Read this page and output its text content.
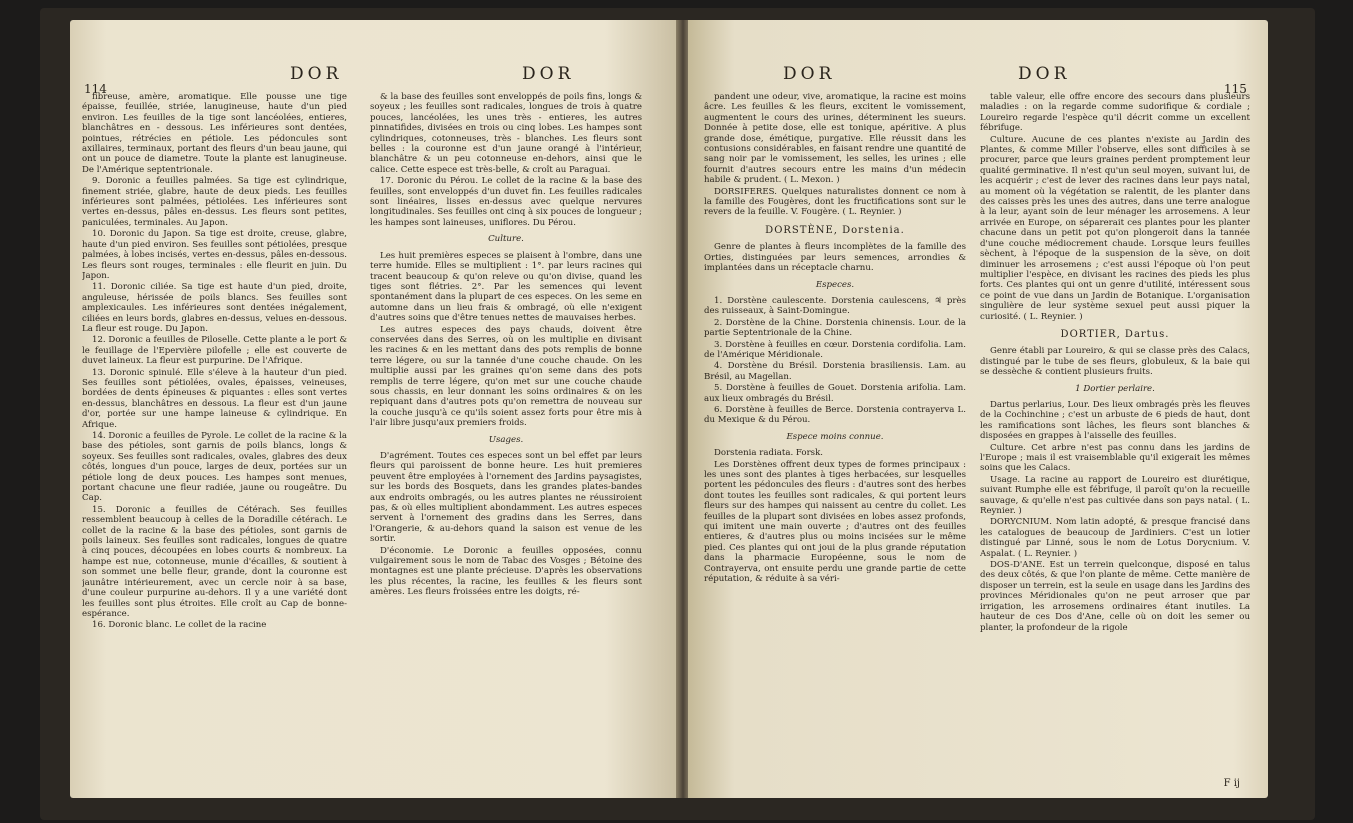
114
DOR	DOR

fibreuse, amère, aromatique. Elle pousse une tige épaisse, feuillée, striée, lanugineuse, haute d'un pied environ. Les feuilles de la tige sont lancéolées, entieres, blanchâtres en - dessous. Les inférieures sont dentées, pointues, rétrécies en pétiole. Les pédoncules sont axillaires, terminaux, portant des fleurs d'un beau jaune, qui ont un pouce de diametre. Toute la plante est lanugineuse. De l'Amérique septentrionale.

9. Doronic a feuilles palmées. Sa tige est cylindrique, finement striée, glabre, haute de deux pieds. Les feuilles inférieures sont palmées, pétiolées. Les inférieures sont vertes en-dessus, pâles en-dessus. Les fleurs sont petites, paniculées, terminales. Au Japon.

10. Doronic du Japon. Sa tige est droite, creuse, glabre, haute d'un pied environ. Ses feuilles sont pétiolées, presque palmées, à lobes incisés, vertes en-dessus, pâles en-dessous. Les fleurs sont rouges, terminales : elle fleurit en juin. Du Japon.

11. Doronic ciliée. Sa tige est haute d'un pied, droite, anguleuse, hérissée de poils blancs. Ses feuilles sont amplexicaules. Les inférieures sont dentées inégalement, ciliées en leurs bords, glabres en-dessus, velues en-dessous. La fleur est rouge. Du Japon.

12. Doronic a feuilles de Piloselle. Cette plante a le port & le feuillage de l'Epervière pilofelle ; elle est couverte de duvet laineux. La fleur est purpurine. De l'Afrique.

13. Doronic spinulé. Elle s'éleve à la hauteur d'un pied. Ses feuilles sont pétiolées, ovales, épaisses, veineuses, bordées de dents épineuses & piquantes : elles sont vertes en-dessus, blanchâtres en dessous. La fleur est d'un jaune d'or, portée sur une hampe laineuse & cylindrique. En Afrique.

14. Doronic a feuilles de Pyrole. Le collet de la racine & la base des pétioles, sont garnis de poils blancs, longs & soyeux. Ses feuilles sont radicales, ovales, glabres des deux côtés, longues d'un pouce, larges de deux, portées sur un pétiole long de deux pouces. Les hampes sont menues, portant chacune une fleur radiée, jaune ou rougeâtre. Du Cap.

15. Doronic a feuilles de Cétérach. Ses feuilles ressemblent beaucoup à celles de la Doradille cétérach. Le collet de la racine & la base des pétioles, sont garnis de poils laineux. Ses feuilles sont radicales, longues de quatre à cinq pouces, découpées en lobes courts & nombreux. La hampe est nue, cotonneuse, munie d'écailles, & soutient à son sommet une belle fleur, grande, dont la couronne est jaunâtre intérieurement, avec un cercle noir à sa base, d'une couleur purpurine au-dehors. Il y a une variété dont les feuilles sont plus étroites. Elle croît au Cap de bonne-espérance.

16. Doronic blanc. Le collet de la racine

& la base des feuilles sont enveloppés de poils fins, longs & soyeux ; les feuilles sont radicales, longues de trois à quatre pouces, lancéolées, les unes très - entieres, les autres pinnatifides, divisées en trois ou cinq lobes. Les hampes sont cylindriques, cotonneuses, très - blanches. Les fleurs sont belles : la couronne est d'un jaune orangé à l'intérieur, blanchâtre & un peu cotonneuse en-dehors, ainsi que le calice. Cette espece est très-belle, & croît au Paraguai.

17. Doronic du Pérou. Le collet de la racine & la base des feuilles, sont enveloppés d'un duvet fin. Les feuilles radicales sont linéaires, lisses en-dessus avec quelque nervures longitudinales. Ses feuilles ont cinq à six pouces de longueur ; les hampes sont laineuses, uniflores. Du Pérou.

Culture.

Les huit premières especes se plaisent à l'ombre, dans une terre humide. Elles se multiplient : 1°. par leurs racines qui tracent beaucoup & qu'on releve ou qu'on divise, quand les tiges sont flétries. 2°. Par les semences qui levent spontanément dans la plupart de ces especes. On les seme en automne dans un lieu frais & ombragé, où elle n'exigent d'autres soins que d'être tenues nettes de mauvaises herbes.

Les autres especes des pays chauds, doivent être conservées dans des Serres, où on les multiplie en divisant les racines & en les mettant dans des pots remplis de bonne terre légere, ou sur la tannée d'une couche chaude. On les multiplie aussi par les graines qu'on seme dans des pots remplis de terre légere, qu'on met sur une couche chaude sous chassis, en leur donnant les soins ordinaires & on les repiquant dans d'autres pots qu'on remettra de nouveau sur la couche jusqu'à ce qu'ils soient assez forts pour être mis à l'air libre jusqu'aux premiers froids.

Usages.

D'agrément. Toutes ces especes sont un bel effet par leurs fleurs qui paroissent de bonne heure. Les huit premieres peuvent être employées à l'ornement des Jardins paysagistes, sur les bords des Bosquets, dans les grandes plates-bandes aux endroits ombragés, ou les autres plantes ne réussiroient pas, & où elles multiplient abondamment. Les autres especes servent à l'ornement des gradins dans les Serres, dans l'Orangerie, & au-dehors quand la saison est venue de les sortir.

D'économie. Le Doronic a feuilles opposées, connu vulgairement sous le nom de Tabac des Vosges ; Bétoine des montagnes est une plante précieuse. D'après les observations les plus récentes, la racine, les feuilles & les fleurs sont amères. Les fleurs froissées entre les doigts, ré-

DOR	DOR
115

pandent une odeur, vive, aromatique, la racine est moins âcre. Les feuilles & les fleurs, excitent le vomissement, augmentent le cours des urines, déterminent les sueurs. Donnée à petite dose, elle est tonique, apéritive. A plus grande dose, émétique, purgative. Elle réussit dans les contusions considérables, en faisant rendre une quantité de sang noir par le vomissement, les selles, les urines ; elle fournit d'autres secours entre les mains d'un médecin habile & prudent. ( L. Mexon. )

DORSIFERES. Quelques naturalistes donnent ce nom à la famille des Fougères, dont les fructifications sont sur le revers de la feuille. V. Fougère. ( L. Reynier. )

DORSTÈNE, Dorstenia.

Genre de plantes à fleurs incomplètes de la famille des Orties, distinguées par leurs semences, arrondies & implantées dans un réceptacle charnu.

Especes.

1. Dorstène caulescente. Dorstenia caulescens, ♃ près des ruisseaux, à Saint-Domingue.

2. Dorstène de la Chine. Dorstenia chinensis. Lour. de la partie Septentrionale de la Chine.

3. Dorstène à feuilles en cœur. Dorstenia cordifolia. Lam. de l'Amérique Méridionale.

4. Dorstène du Brésil. Dorstenia brasiliensis. Lam. au Brésil, au Magellan.

5. Dorstène à feuilles de Gouet. Dorstenia arifolia. Lam. aux lieux ombragés du Brésil.

6. Dorstène à feuilles de Berce. Dorstenia contrayerva L. du Mexique & du Pérou.

Espece moins connue.

Dorstenia radiata. Forsk.

Les Dorstènes offrent deux types de formes principaux : les unes sont des plantes à tiges herbacées, sur lesquelles portent les pédoncules des fleurs : d'autres sont des herbes dont toutes les feuilles sont radicales, & qui portent leurs fleurs sur des hampes qui naissent au centre du collet. Les feuilles de la plupart sont divisées en lobes assez profonds, qui imitent une main ouverte ; d'autres ont des feuilles entieres, & d'autres plus ou moins incisées sur le même pied. Ces plantes qui ont joui de la plus grande réputation dans la pharmacie Européenne, sous le nom de Contrayerva, ont ensuite perdu une grande partie de cette réputation, & réduite à sa véri-

table valeur, elle offre encore des secours dans plusieurs maladies : on la regarde comme sudorifique & cordiale ; Loureiro regarde l'espèce qu'il décrit comme un excellent fébrifuge.

Culture. Aucune de ces plantes n'existe au Jardin des Plantes, & comme Miller l'observe, elles sont difficiles à se procurer, parce que leurs graines perdent promptement leur qualité germinative. Il n'est qu'un seul moyen, suivant lui, de les acquérir ; c'est de lever des racines dans leur pays natal, au moment où la végétation se ralentit, de les planter dans des caisses près les unes des autres, dans une terre analogue à la leur, ayant soin de leur ménager les arrosemens. A leur arrivée en Europe, on séparerait ces plantes pour les planter chacune dans un petit pot qu'on plongeroit dans la tannée d'une couche médiocrement chaude. Lorsque leurs feuilles sèchent, à l'époque de la suspension de la sève, on doit diminuer les arrosemens ; c'est aussi l'époque où l'on peut multiplier l'espèce, en divisant les racines des pieds les plus forts. Ces plantes qui ont un genre d'utilité, intéressent sous ce point de vue dans un Jardin de Botanique. L'organisation singulière de leur système sexuel peut aussi piquer la curiosité. ( L. Reynier. )

DORTIER, Dartus.

Genre établi par Loureiro, & qui se classe près des Calacs, distingué par le tube de ses fleurs, globuleux, & la baie qui se dessèche & contient plusieurs fruits.

1 Dortier perlaire.

Dartus perlarius, Lour. Des lieux ombragés près les fleuves de la Cochinchine ; c'est un arbuste de 6 pieds de haut, dont les ramifications sont lâches, les fleurs sont blanches & disposées en grappes à l'aisselle des feuilles.

Culture. Cet arbre n'est pas connu dans les jardins de l'Europe ; mais il est vraisemblable qu'il exigerait les mêmes soins que les Calacs.

Usage. La racine au rapport de Loureiro est diurétique, suivant Rumphe elle est fébrifuge, il paroît qu'on la recueille sauvage, & qu'elle n'est pas cultivée dans son pays natal. ( L. Reynier. )

DORYCNIUM. Nom latin adopté, & presque francisé dans les catalogues de beaucoup de Jardiniers. C'est un lotier distingué par Linné, sous le nom de Lotus Dorycnium. V. Aspalat. ( L. Reynier. )

DOS-D'ANE. Est un terrein quelconque, disposé en talus des deux côtés, & que l'on plante de même. Cette manière de disposer un terrein, est la seule en usage dans les Jardins des provinces Méridionales qu'on ne peut arroser que par irrigation, les arrosemens ordinaires étant inutiles. La hauteur de ces Dos d'Ane, celle où on doit les semer ou planter, la profondeur de la rigole

F ij
